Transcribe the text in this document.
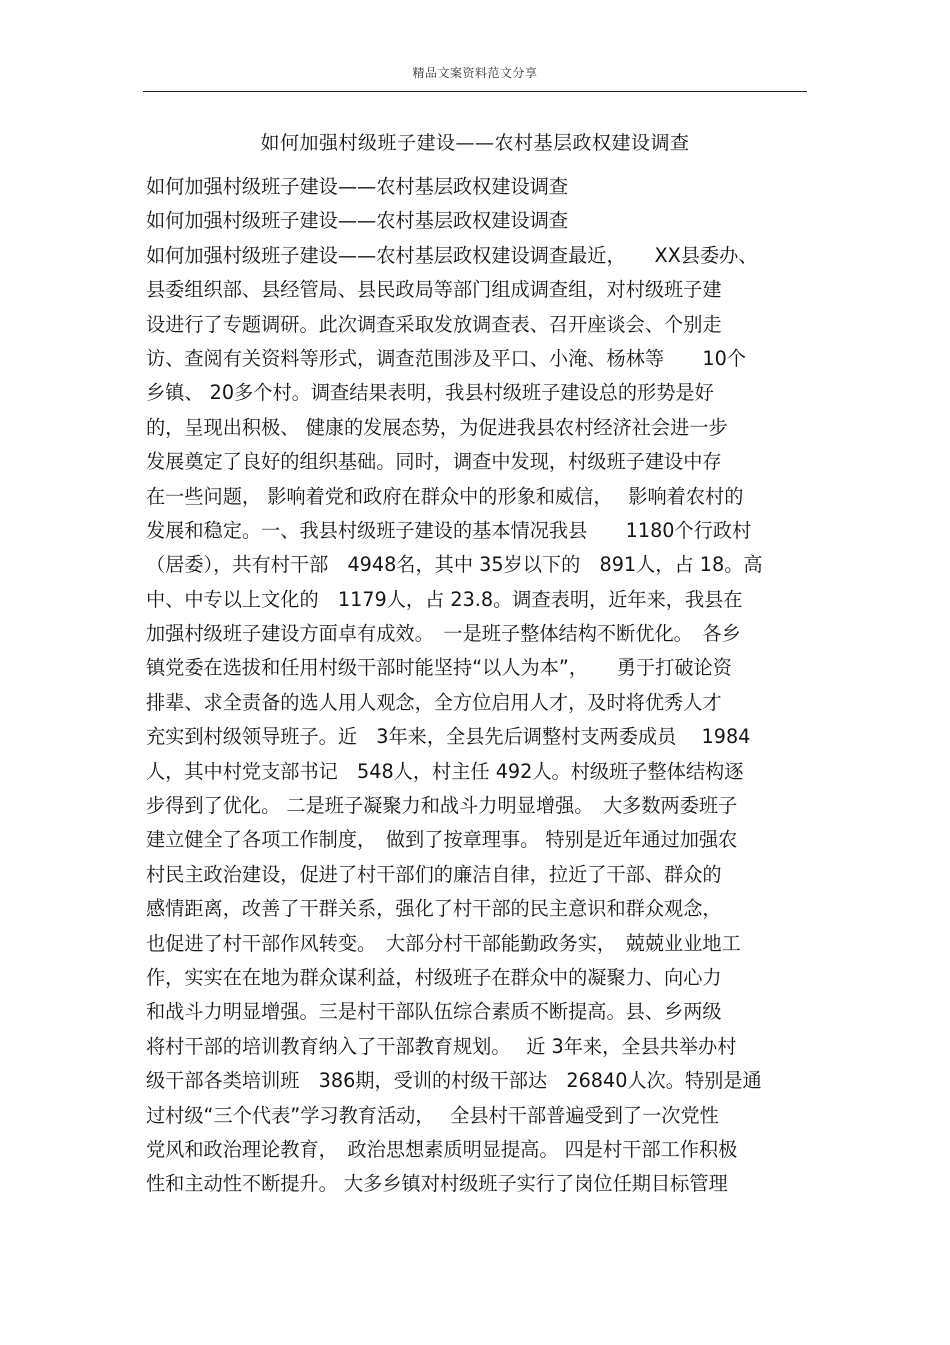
精品文案资料范文分享
如何加强村级班子建设——农村基层政权建设调查
如何加强村级班子建设——农村基层政权建设调查
如何加强村级班子建设——农村基层政权建设调查
如何加强村级班子建设——农村基层政权建设调查最近，　　XX县委办、
县委组织部、县经管局、县民政局等部门组成调查组，对村级班子建
设进行了专题调研。此次调查采取发放调查表、召开座谈会、个别走
访、查阅有关资料等形式，调查范围涉及平口、小淹、杨林等　　10个
乡镇、 20多个村。调查结果表明，我县村级班子建设总的形势是好
的，呈现出积极、 健康的发展态势，为促进我县农村经济社会进一步
发展奠定了良好的组织基础。同时，调查中发现，村级班子建设中存
在一些问题， 影响着党和政府在群众中的形象和威信，　 影响着农村的
发展和稳定。一、我县村级班子建设的基本情况我县　　1180个行政村
（居委），共有村干部　4948名，其中 35岁以下的　891人，占 18。高
中、中专以上文化的　1179人，占 23.8。调查表明，近年来，我县在
加强村级班子建设方面卓有成效。　一是班子整体结构不断优化。　各乡
镇党委在选拔和任用村级干部时能坚持“以人为本”，　　勇于打破论资
排辈、求全责备的选人用人观念，全方位启用人才，及时将优秀人才
充实到村级领导班子。近　3年来，全县先后调整村支两委成员　 1984
人，其中村党支部书记　548人，村主任 492人。村级班子整体结构逐
步得到了优化。 二是班子凝聚力和战斗力明显增强。　大多数两委班子
建立健全了各项工作制度，　做到了按章理事。 特别是近年通过加强农
村民主政治建设，促进了村干部们的廉洁自律，拉近了干部、群众的
感情距离，改善了干群关系，强化了村干部的民主意识和群众观念，
也促进了村干部作风转变。　大部分村干部能勤政务实，　兢兢业业地工
作，实实在在地为群众谋利益，村级班子在群众中的凝聚力、向心力
和战斗力明显增强。三是村干部队伍综合素质不断提高。县、乡两级
将村干部的培训教育纳入了干部教育规划。　 近 3年来，全县共举办村
级干部各类培训班　386期，受训的村级干部达　26840人次。特别是通
过村级“三个代表”学习教育活动，　 全县村干部普遍受到了一次党性
党风和政治理论教育，　政治思想素质明显提高。 四是村干部工作积极
性和主动性不断提升。 大多乡镇对村级班子实行了岗位任期目标管理
